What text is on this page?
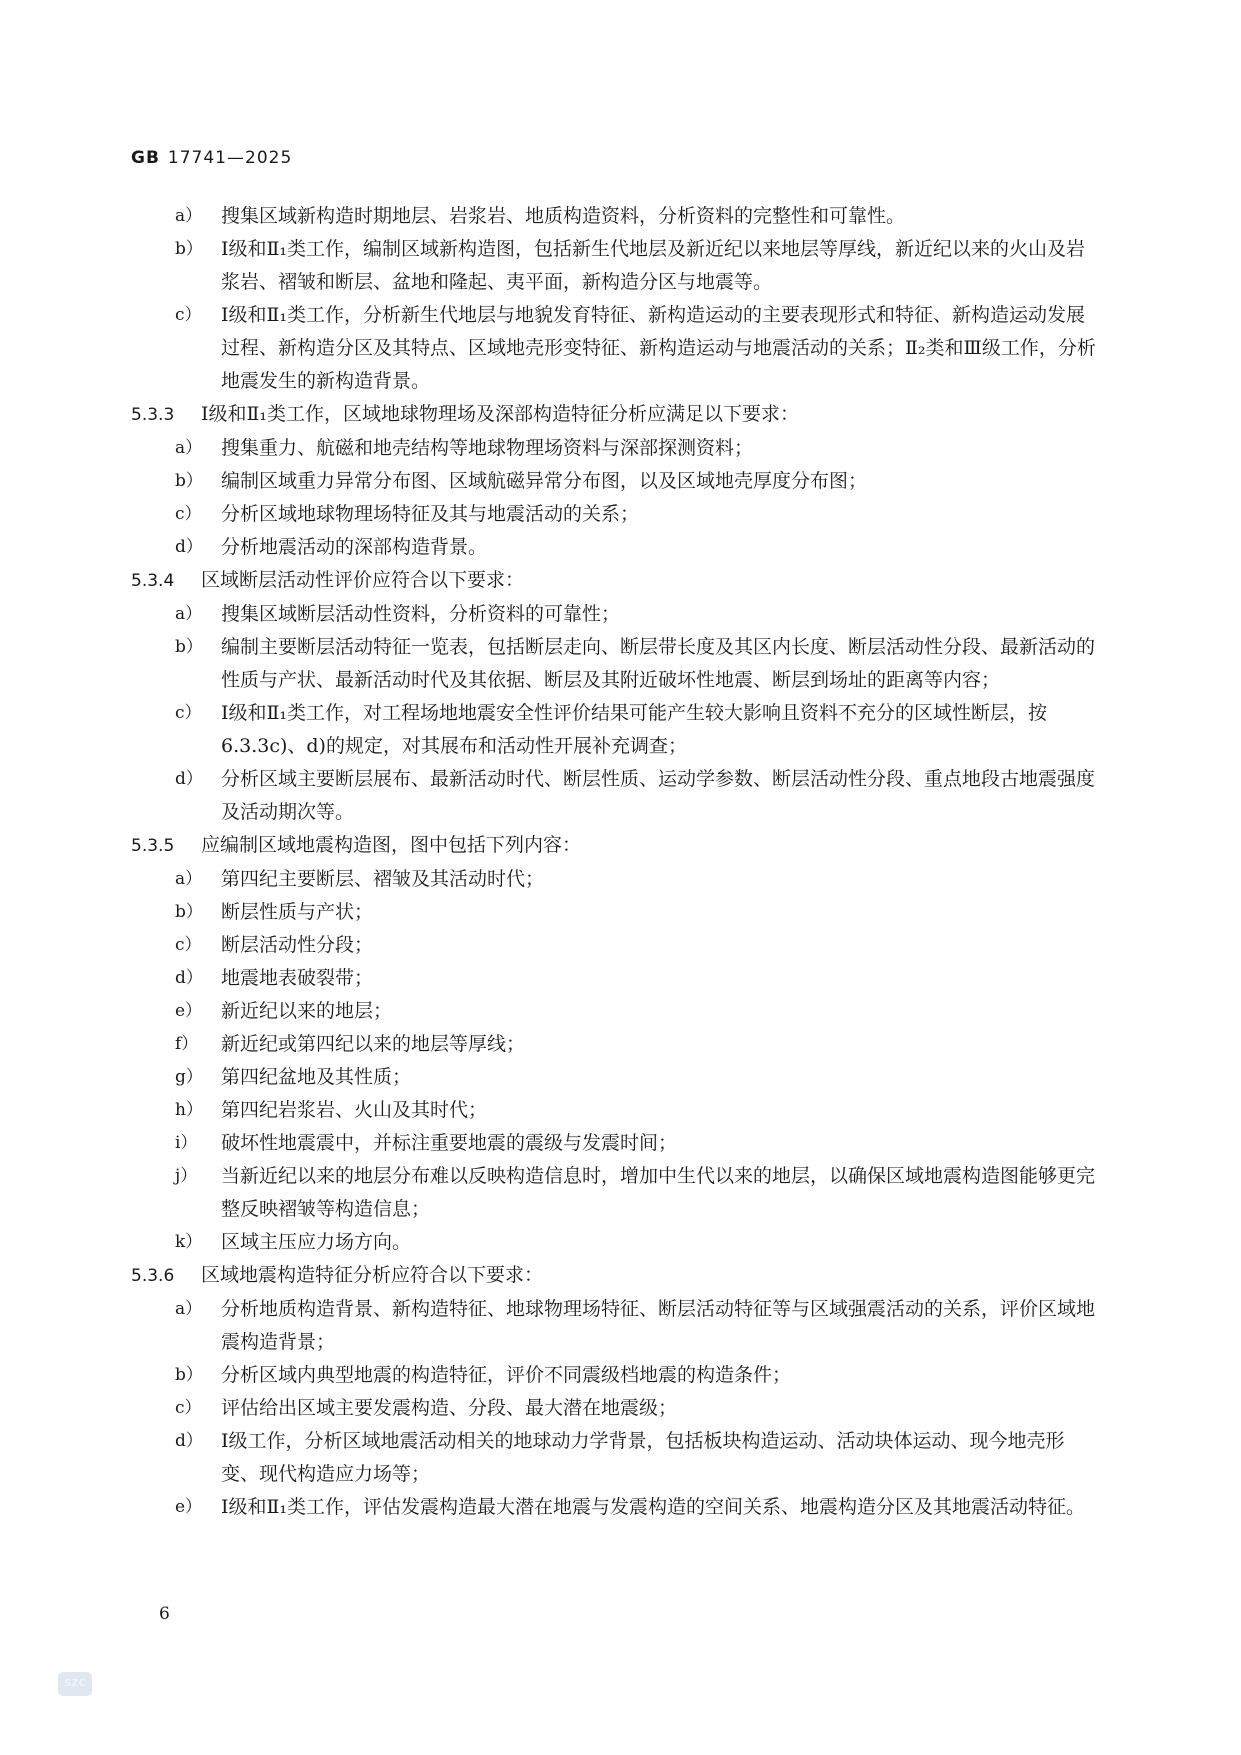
GB 17741—2025
a） 搜集区域新构造时期地层、岩浆岩、地质构造资料，分析资料的完整性和可靠性。
b） Ⅰ级和Ⅱ₁类工作，编制区域新构造图，包括新生代地层及新近纪以来地层等厚线，新近纪以来的火山及岩浆岩、褶皱和断层、盆地和隆起、夷平面，新构造分区与地震等。
c） Ⅰ级和Ⅱ₁类工作，分析新生代地层与地貌发育特征、新构造运动的主要表现形式和特征、新构造运动发展过程、新构造分区及其特点、区域地壳形变特征、新构造运动与地震活动的关系；Ⅱ₂类和Ⅲ级工作，分析地震发生的新构造背景。
5.3.3 Ⅰ级和Ⅱ₁类工作，区域地球物理场及深部构造特征分析应满足以下要求：
a） 搜集重力、航磁和地壳结构等地球物理场资料与深部探测资料；
b） 编制区域重力异常分布图、区域航磁异常分布图，以及区域地壳厚度分布图；
c） 分析区域地球物理场特征及其与地震活动的关系；
d） 分析地震活动的深部构造背景。
5.3.4 区域断层活动性评价应符合以下要求：
a） 搜集区域断层活动性资料，分析资料的可靠性；
b） 编制主要断层活动特征一览表，包括断层走向、断层带长度及其区内长度、断层活动性分段、最新活动的性质与产状、最新活动时代及其依据、断层及其附近破坏性地震、断层到场址的距离等内容；
c） Ⅰ级和Ⅱ₁类工作，对工程场地地震安全性评价结果可能产生较大影响且资料不充分的区域性断层，按6.3.3c)、d)的规定，对其展布和活动性开展补充调查；
d） 分析区域主要断层展布、最新活动时代、断层性质、运动学参数、断层活动性分段、重点地段古地震强度及活动期次等。
5.3.5 应编制区域地震构造图，图中包括下列内容：
a） 第四纪主要断层、褶皱及其活动时代；
b） 断层性质与产状；
c） 断层活动性分段；
d） 地震地表破裂带；
e） 新近纪以来的地层；
f） 新近纪或第四纪以来的地层等厚线；
g） 第四纪盆地及其性质；
h） 第四纪岩浆岩、火山及其时代；
i） 破坏性地震震中，并标注重要地震的震级与发震时间；
j） 当新近纪以来的地层分布难以反映构造信息时，增加中生代以来的地层，以确保区域地震构造图能够更完整反映褶皱等构造信息；
k） 区域主压应力场方向。
5.3.6 区域地震构造特征分析应符合以下要求：
a） 分析地质构造背景、新构造特征、地球物理场特征、断层活动特征等与区域强震活动的关系，评价区域地震构造背景；
b） 分析区域内典型地震的构造特征，评价不同震级档地震的构造条件；
c） 评估给出区域主要发震构造、分段、最大潜在地震级；
d） Ⅰ级工作，分析区域地震活动相关的地球动力学背景，包括板块构造运动、活动块体运动、现今地壳形变、现代构造应力场等；
e） Ⅰ级和Ⅱ₁类工作，评估发震构造最大潜在地震与发震构造的空间关系、地震构造分区及其地震活动特征。
6
SZC
